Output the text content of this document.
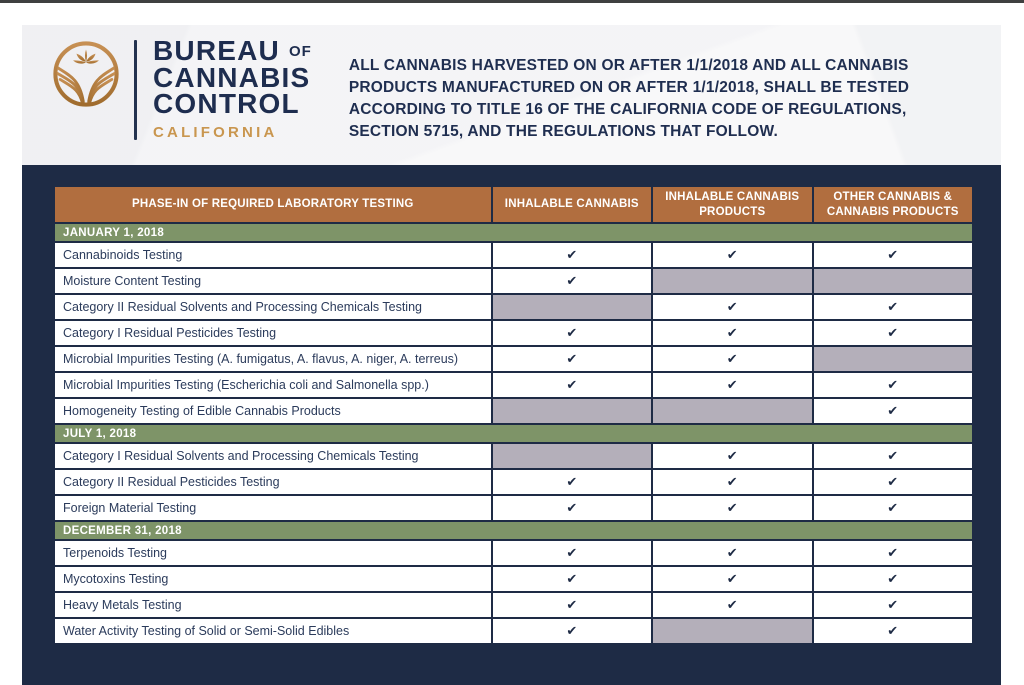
BUREAU OF
CANNABIS
CONTROL
CALIFORNIA

ALL CANNABIS HARVESTED ON OR AFTER 1/1/2018 AND ALL CANNABIS PRODUCTS MANUFACTURED ON OR AFTER 1/1/2018, SHALL BE TESTED ACCORDING TO TITLE 16 OF THE CALIFORNIA CODE OF REGULATIONS, SECTION 5715, AND THE REGULATIONS THAT FOLLOW.

PHASE-IN OF REQUIRED LABORATORY TESTING	INHALABLE CANNABIS	INHALABLE CANNABIS PRODUCTS	OTHER CANNABIS & CANNABIS PRODUCTS
JANUARY 1, 2018			
Cannabinoids Testing	✔	✔	✔
Moisture Content Testing	✔		
Category II Residual Solvents and Processing Chemicals Testing		✔	✔
Category I Residual Pesticides Testing	✔	✔	✔
Microbial Impurities Testing (A. fumigatus, A. flavus, A. niger, A. terreus)	✔	✔	
Microbial Impurities Testing (Escherichia coli and Salmonella spp.)	✔	✔	✔
Homogeneity Testing of Edible Cannabis Products			✔
JULY 1, 2018			
Category I Residual Solvents and Processing Chemicals Testing		✔	✔
Category II Residual Pesticides Testing	✔	✔	✔
Foreign Material Testing	✔	✔	✔
DECEMBER 31, 2018			
Terpenoids Testing	✔	✔	✔
Mycotoxins Testing	✔	✔	✔
Heavy Metals Testing	✔	✔	✔
Water Activity Testing of Solid or Semi-Solid Edibles	✔		✔
